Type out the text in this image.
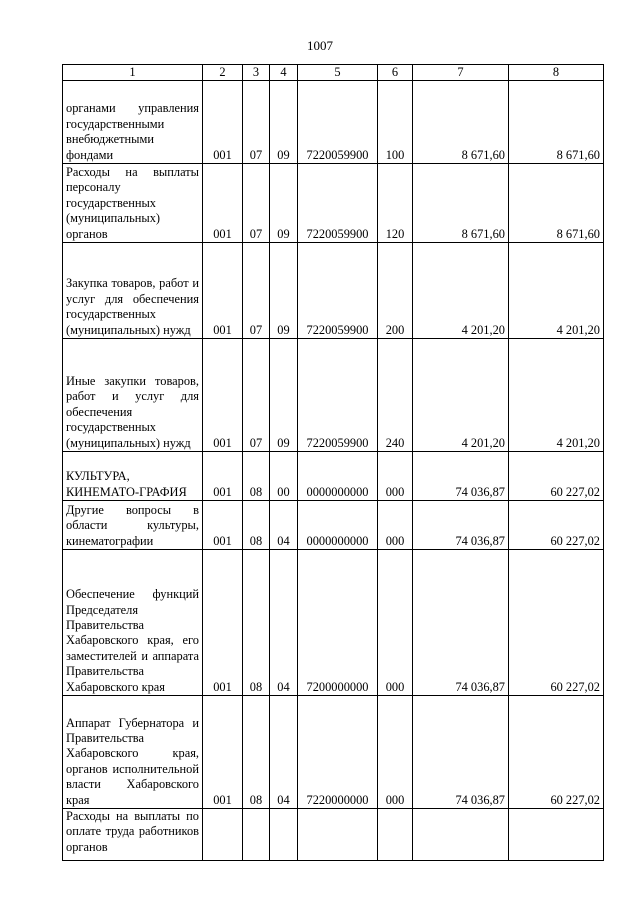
1007
1	2	3	4	5	6	7	8
органами управления государственными внебюджетными фондами	001	07	09	7220059900	100	8 671,60	8 671,60
Расходы на выплаты персоналу государственных (муниципальных) органов	001	07	09	7220059900	120	8 671,60	8 671,60
Закупка товаров, работ и услуг для обеспечения государственных (муниципальных) нужд	001	07	09	7220059900	200	4 201,20	4 201,20
Иные закупки товаров, работ и услуг для обеспечения государственных (муниципальных) нужд	001	07	09	7220059900	240	4 201,20	4 201,20
КУЛЬТУРА, КИНЕМАТО-ГРАФИЯ	001	08	00	0000000000	000	74 036,87	60 227,02
Другие вопросы в области культуры, кинематографии	001	08	04	0000000000	000	74 036,87	60 227,02
Обеспечение функций Председателя Правительства Хабаровского края, его заместителей и аппарата Правительства Хабаровского края	001	08	04	7200000000	000	74 036,87	60 227,02
Аппарат Губернатора и Правительства Хабаровского края, органов исполнительной власти Хабаровского края	001	08	04	7220000000	000	74 036,87	60 227,02
Расходы на выплаты по оплате труда работников органов							
